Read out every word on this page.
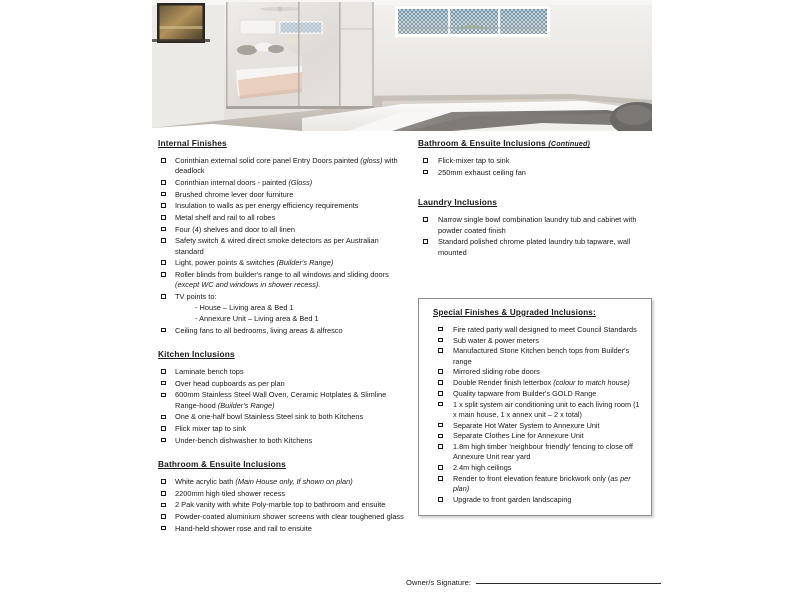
Internal Finishes
Corinthian external solid core panel Entry Doors painted (gloss) with deadlock
Corinthian internal doors - painted (Gloss)
Brushed chrome lever door furniture
Insulation to walls as per energy efficiency requirements
Metal shelf and rail to all robes
Four (4) shelves and door to all linen
Safety switch & wired direct smoke detectors as per Australian standard
Light, power points & switches (Builder's Range)
Roller blinds from builder's range to all windows and sliding doors (except WC and windows in shower recess).
TV points to:
- House – Living area & Bed 1
- Annexure Unit – Living area & Bed 1
Ceiling fans to all bedrooms, living areas & alfresco
Kitchen Inclusions
Laminate bench tops
Over head cupboards as per plan
600mm Stainless Steel Wall Oven, Ceramic Hotplates & Slimline Range-hood (Builder's Range)
One & one-half bowl Stainless Steel sink to both Kitchens
Flick mixer tap to sink
Under-bench dishwasher to both Kitchens
Bathroom & Ensuite Inclusions
White acrylic bath (Main House only, If shown on plan)
2200mm high tiled shower recess
2 Pak vanity with white Poly-marble top to bathroom and ensuite
Powder-coated aluminium shower screens with clear toughened glass
Hand-held shower rose and rail to ensuite
Bathroom & Ensuite Inclusions (Continued)
Flick-mixer tap to sink
250mm exhaust ceiling fan
Laundry Inclusions
Narrow single bowl combination laundry tub and cabinet with powder coated finish
Standard polished chrome plated laundry tub tapware, wall mounted
Special Finishes & Upgraded Inclusions:
Fire rated party wall designed to meet Council Standards
Sub water & power meters
Manufactured Stone Kitchen bench tops from Builder's range
Mirrored sliding robe doors
Double Render finish letterbox (colour to match house)
Quality tapware from Builder's GOLD Range
1 x split system air conditioning unit to each living room (1 x main house, 1 x annex unit – 2 x total)
Separate Hot Water System to Annexure Unit
Separate Clothes Line for Annexure Unit
1.8m high timber 'neighbour friendly' fencing to close off Annexure Unit rear yard
2.4m high ceilings
Render to front elevation feature brickwork only (as per plan)
Upgrade to front garden landscaping
Owner/s Signature:
